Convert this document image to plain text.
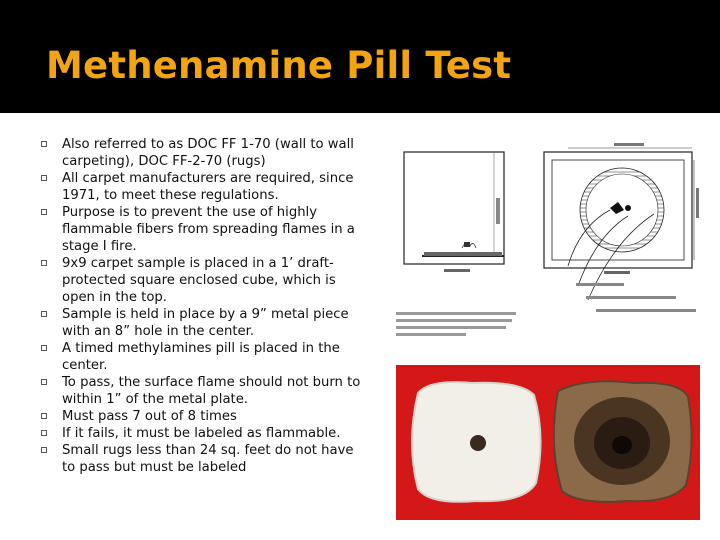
Methenamine Pill Test
Also referred to as DOC FF 1-70 (wall to wall carpeting), DOC FF-2-70 (rugs)
All carpet manufacturers are required, since 1971, to meet these regulations.
Purpose is to prevent the use of highly flammable fibers from spreading flames in a stage I fire.
9x9 carpet sample is placed in a 1’ draft-protected square enclosed cube, which is open in the top.
Sample is held in place by a 9” metal piece with an 8” hole in the center.
A timed methylamines pill is placed in the center.
To pass, the surface flame should not burn to within 1” of the metal plate.
Must pass 7 out of 8 times
If it fails, it must be labeled as flammable.
Small rugs less than 24 sq. feet do not have to pass but must be labeled
